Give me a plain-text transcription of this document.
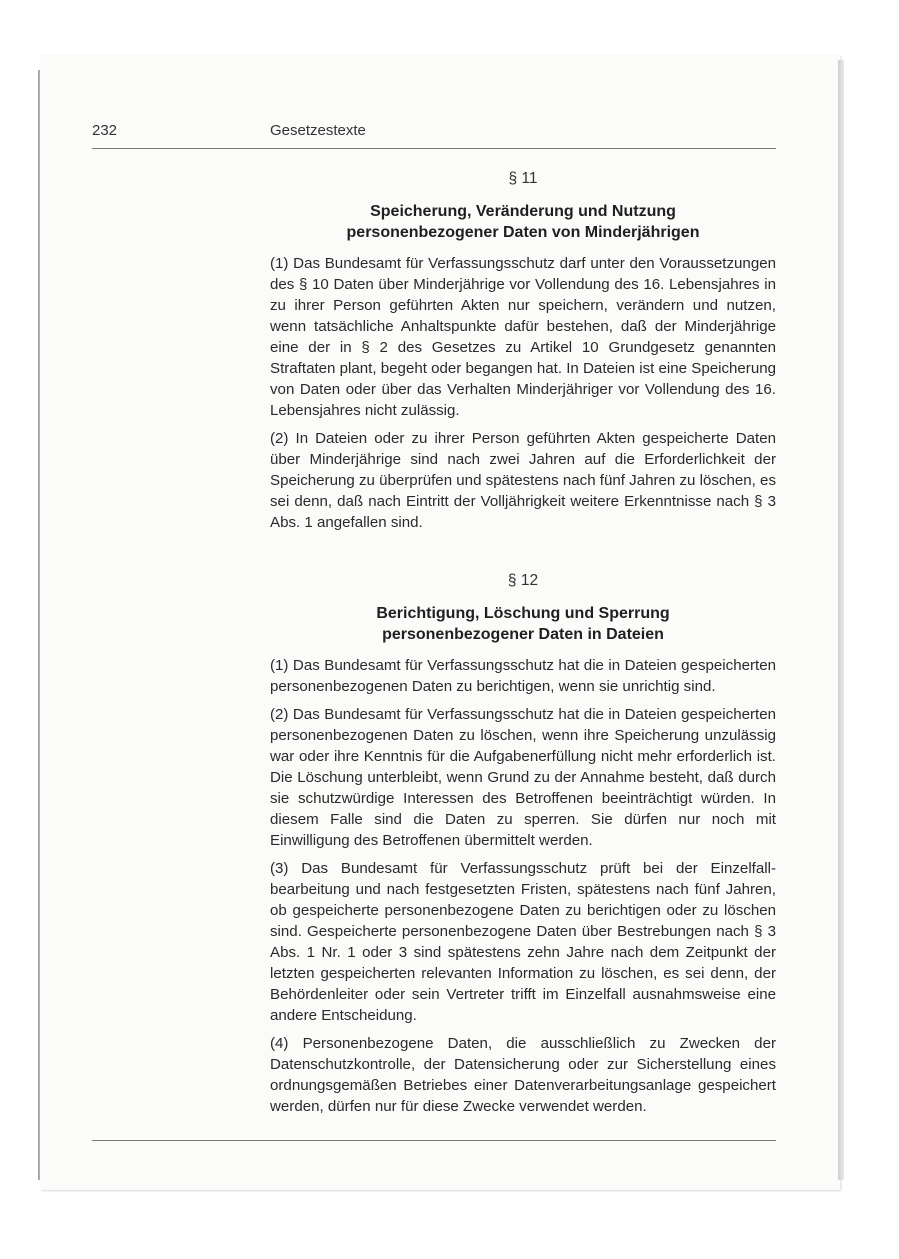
232	Gesetzestexte
§ 11
Speicherung, Veränderung und Nutzung
personenbezogener Daten von Minderjährigen

(1) Das Bundesamt für Verfassungsschutz darf unter den Voraussetzungen des § 10 Daten über Minderjährige vor Vollendung des 16. Lebensjahres in zu ihrer Person geführten Akten nur speichern, verändern und nutzen, wenn tatsächliche Anhaltspunkte dafür bestehen, daß der Minderjährige eine der in § 2 des Gesetzes zu Artikel 10 Grundgesetz genannten Straftaten plant, begeht oder begangen hat. In Dateien ist eine Speicherung von Daten oder über das Verhalten Minderjähriger vor Vollendung des 16. Lebensjahres nicht zulässig.

(2) In Dateien oder zu ihrer Person geführten Akten gespeicherte Daten über Minderjährige sind nach zwei Jahren auf die Erforderlichkeit der Speicherung zu überprüfen und spätestens nach fünf Jahren zu löschen, es sei denn, daß nach Eintritt der Volljährigkeit weitere Erkenntnisse nach § 3 Abs. 1 angefallen sind.

§ 12
Berichtigung, Löschung und Sperrung
personenbezogener Daten in Dateien

(1) Das Bundesamt für Verfassungsschutz hat die in Dateien gespeicherten personenbezogenen Daten zu berichtigen, wenn sie unrichtig sind.

(2) Das Bundesamt für Verfassungsschutz hat die in Dateien gespeicherten personenbezogenen Daten zu löschen, wenn ihre Speicherung unzulässig war oder ihre Kenntnis für die Aufgabenerfüllung nicht mehr erforderlich ist. Die Löschung unterbleibt, wenn Grund zu der Annahme besteht, daß durch sie schutzwürdige Interessen des Betroffenen beeinträchtigt würden. In diesem Falle sind die Daten zu sperren. Sie dürfen nur noch mit Einwilligung des Betroffenen übermittelt werden.

(3) Das Bundesamt für Verfassungsschutz prüft bei der Einzelfallbearbeitung und nach festgesetzten Fristen, spätestens nach fünf Jahren, ob gespeicherte personenbezogene Daten zu berichtigen oder zu löschen sind. Gespeicherte personenbezogene Daten über Bestrebungen nach § 3 Abs. 1 Nr. 1 oder 3 sind spätestens zehn Jahre nach dem Zeitpunkt der letzten gespeicherten relevanten Information zu löschen, es sei denn, der Behördenleiter oder sein Vertreter trifft im Einzelfall ausnahmsweise eine andere Entscheidung.

(4) Personenbezogene Daten, die ausschließlich zu Zwecken der Datenschutzkontrolle, der Datensicherung oder zur Sicherstellung eines ordnungsgemäßen Betriebes einer Datenverarbeitungsanlage gespeichert werden, dürfen nur für diese Zwecke verwendet werden.
